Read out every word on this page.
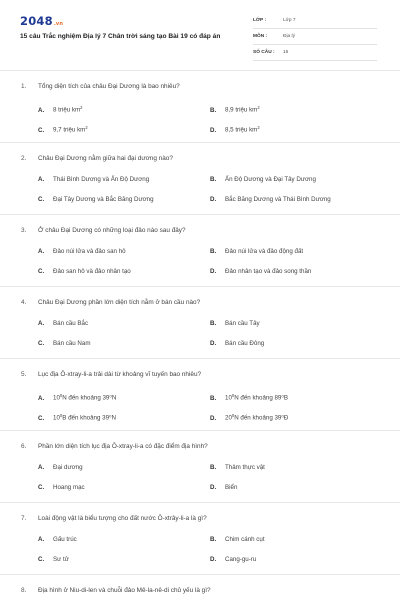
2048.vn
15 câu Trắc nghiệm Địa lý 7 Chân trời sáng tạo Bài 19 có đáp án
LỚP :	Lớp 7
MÔN :	Địa lý
SỐ CÂU : 15
1. Tổng diện tích của châu Đại Dương là bao nhiêu?
A. 8 triệu $km^2$	B. 8,9 triệu $km^2$
C. 9,7 triệu $km^2$	D. 8,5 triệu $km^2$
2. Châu Đại Dương nằm giữa hai đại dương nào?
A. Thái Bình Dương và Ấn Độ Dương	B. Ấn Độ Dương và Đại Tây Dương
C. Đại Tây Dương và Bắc Băng Dương	D. Bắc Băng Dương và Thái Bình Dương
3. Ở châu Đại Dương có những loại đảo nào sau đây?
A. Đảo núi lửa và đảo san hô	B. Đảo núi lửa và đảo động đất
C. Đảo san hô và đảo nhân tạo	D. Đảo nhân tạo và đảo song thần
4. Châu Đại Dương phần lớn diện tích nằm ở bán cầu nào?
A. Bán cầu Bắc	B. Bán cầu Tây
C. Bán cầu Nam	D. Bán cầu Đông
5. Lục địa Ô-xtray-li-a trải dài từ khoảng vĩ tuyến bao nhiêu?
A. $10^0N$ đến khoảng 39⁰N	B. $10^0N$ đến khoảng 89⁰B
C. $10^0B$ đến khoảng 39⁰N	D. $20^0N$ đến khoảng 39⁰Đ
6. Phần lớn diện tích lục địa Ô-xtray-li-a có đặc điểm địa hình?
A. Đại dương	B. Thảm thực vật
C. Hoang mạc	D. Biển
7. Loài động vật là biểu tượng cho đất nước Ô-xtrây-li-a là gì?
A. Gấu trúc	B. Chim cánh cụt
C. Sư tử	D. Cang-gu-ru
8. Địa hình ở Niu-di-len và chuỗi đảo Mê-la-nê-di chủ yếu là gì?
